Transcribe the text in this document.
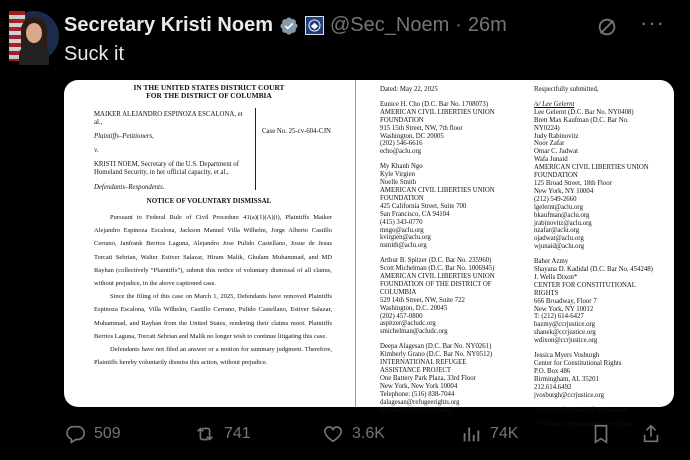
Secretary Kristi Noem	@Sec_Noem · 26m	···
Suck it
IN THE UNITED STATES DISTRICT COURT
FOR THE DISTRICT OF COLUMBIA

MAIKER ALEJANDRO ESPINOZA ESCALONA, et al.,

Plaintiffs–Petitioners,

v.

KRISTI NOEM, Secretary of the U.S. Department of Homeland Security, in her official capacity, et al.,

Defendants–Respondents.

Case No. 25-cv-604-CJN
NOTICE OF VOLUNTARY DISMISSAL

Pursuant to Federal Rule of Civil Procedure 41(a)(1)(A)(i), Plaintiffs Maiker Alejandro Espinoza Escalona, Jackson Manuel Villa Wilhelm, Jorge Alberto Castillo Cerrano, Janfrank Berrios Laguna, Alejandro Jose Pulido Castellano, Josue de Jesus Torcati Sebrian, Walter Estiver Salazar, Hiram Malik, Ghulam Muhammad, and MD Rayhan (collectively “Plaintiffs”), submit this notice of voluntary dismissal of all claims, without prejudice, in the above captioned case.

Since the filing of this case on March 1, 2025, Defendants have removed Plaintiffs Espinoza Escalona, Villa Wilhelm, Castillo Cerrano, Pulido Castellano, Estiver Salazar, Muhammad, and Rayhan from the United States, rendering their claims moot. Plaintiffs Berrios Laguna, Torcati Sebrian and Malik no longer wish to continue litigating this case.

Defendants have not filed an answer or a motion for summary judgment. Therefore, Plaintiffs hereby voluntarily dismiss this action, without prejudice.

Dated: May 22, 2025
Eunice H. Cho (D.C. Bar No. 1708073)
AMERICAN CIVIL LIBERTIES UNION
FOUNDATION
915 15th Street, NW, 7th floor
Washington, DC 20005
(202) 546-6616
echo@aclu.org
My Khanh Ngo
Kyle Virgien
Noelle Smith
AMERICAN CIVIL LIBERTIES UNION
FOUNDATION
425 California Street, Suite 700
San Francisco, CA 94104
(415) 343-0770
mngo@aclu.org
kvirgien@aclu.org
nsmith@aclu.org
Arthur B. Spitzer (D.C. Bar No. 235960)
Scott Michelman (D.C. Bar No. 1006945)
AMERICAN CIVIL LIBERTIES UNION
FOUNDATION OF THE DISTRICT OF
COLUMBIA
529 14th Street, NW, Suite 722
Washington, D.C. 20045
(202) 457-0800
aspitzer@acludc.org
smichelman@acludc.org
Deepa Alagesan (D.C. Bar No. NY0261)
Kimberly Grano (D.C. Bar No. NY0512)
INTERNATIONAL REFUGEE
ASSISTANCE PROJECT
One Battery Park Plaza, 33rd Floor
New York, New York 10004
Telephone: (516) 838-7044
dalagesan@refugeerights.org
kgrano@refugeerights.org
Respectfully submitted,
/s/ Lee Gelernt
Lee Gelernt (D.C. Bar No. NY0408)
Brett Max Kaufman (D.C. Bar No.
NY0224)
Judy Rabinovitz
Noor Zafar
Omar C. Jadwat
Wafa Junaid
AMERICAN CIVIL LIBERTIES UNION
FOUNDATION
125 Broad Street, 18th Floor
New York, NY 10004
(212) 549-2660
lgelernt@aclu.org
bkaufman@aclu.org
jrabinovitz@aclu.org
nzafar@aclu.org
ojadwat@aclu.org
wjunaid@aclu.org
Baher Azmy
Shayana D. Kadidal (D.C. Bar No. 454248)
J. Wells Dixon*
CENTER FOR CONSTITUTIONAL
RIGHTS
666 Broadway, Floor 7
New York, NY 10012
T: (212) 614-6427
bazmy@ccrjustice.org
shanek@ccrjustice.org
wdixon@ccrjustice.org
Jessica Myers Vosburgh
Center for Constitutional Rights
P.O. Box 486
Birmingham, AL 35201
212.614.6492
jvosburgh@ccrjustice.org
Attorneys for Plaintiffs-Petitioners
*Pro bono representation certificate
509	741	3.6K	74K
